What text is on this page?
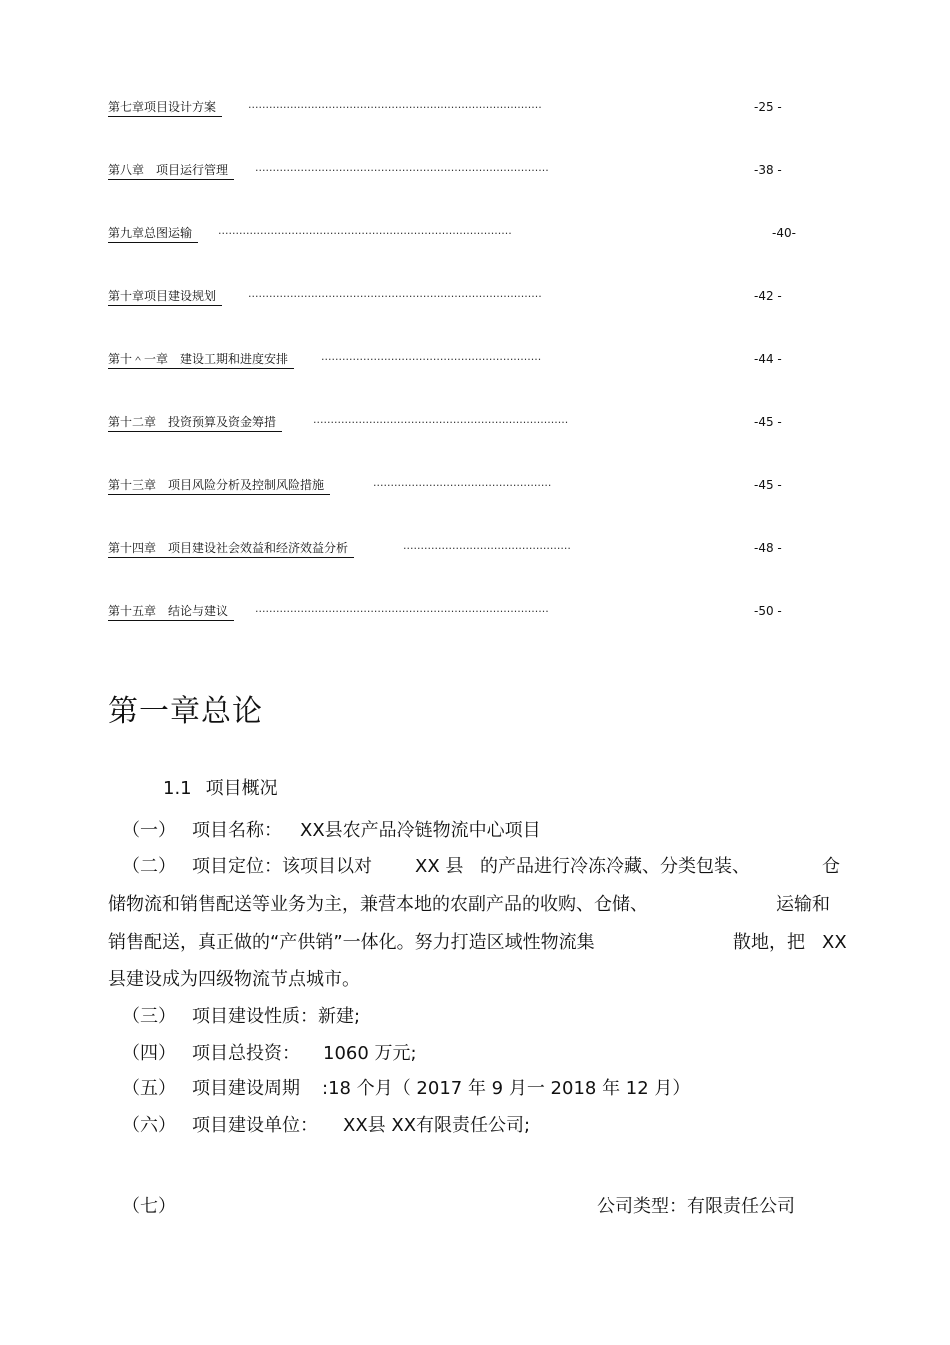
第七章项目设计方案	....................................................................................	-25 -
第八章　项目运行管理	....................................................................................	-38 -
第九章总图运输	....................................................................................	-40-
第十章项目建设规划	....................................................................................	-42 -
第十＾一章　建设工期和进度安排	...............................................................	-44 -
第十二章　投资预算及资金筹措	.........................................................................	-45 -
第十三章　项目风险分析及控制风险措施	...................................................	-45 -
第十四章　项目建设社会效益和经济效益分析	................................................	-48 -
第十五章　结论与建议	....................................................................................	-50 -
第一章总论
1.1 项目概况
（一） 项目名称： XX县农产品冷链物流中心项目
（二） 项目定位：该项目以对 XX 县 的产品进行冷冻冷藏、分类包装、	仓
储物流和销售配送等业务为主，兼营本地的农副产品的收购、仓储、	运输和
销售配送，真正做的“产供销”一体化。努力打造区域性物流集	散地，把 XX
县建设成为四级物流节点城市。
（三） 项目建设性质：新建;
（四） 项目总投资： 1060 万元;
（五） 项目建设周期 :18 个月（ 2017 年 9 月一 2018 年 12 月）
（六） 项目建设单位： XX县 XX有限责任公司;
（七）	公司类型：有限责任公司
